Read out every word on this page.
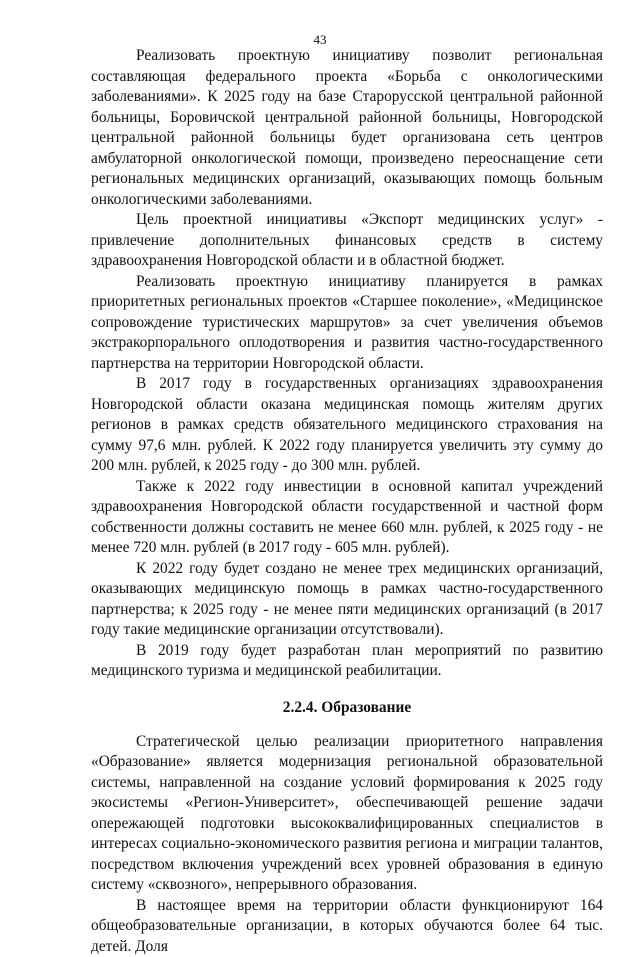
43

Реализовать проектную инициативу позволит региональная составляющая федерального проекта «Борьба с онкологическими заболеваниями». К 2025 году на базе Старорусской центральной районной больницы, Боровичской центральной районной больницы, Новгородской центральной районной больницы будет организована сеть центров амбулаторной онкологической помощи, произведено переоснащение сети региональных медицинских организаций, оказывающих помощь больным онкологическими заболеваниями.

Цель проектной инициативы «Экспорт медицинских услуг» - привлечение дополнительных финансовых средств в систему здравоохранения Новгородской области и в областной бюджет.

Реализовать проектную инициативу планируется в рамках приоритетных региональных проектов «Старшее поколение», «Медицинское сопровождение туристических маршрутов» за счет увеличения объемов экстракорпорального оплодотворения и развития частно-государственного партнерства на территории Новгородской области.

В 2017 году в государственных организациях здравоохранения Новгородской области оказана медицинская помощь жителям других регионов в рамках средств обязательного медицинского страхования на сумму 97,6 млн. рублей. К 2022 году планируется увеличить эту сумму до 200 млн. рублей, к 2025 году - до 300 млн. рублей.

Также к 2022 году инвестиции в основной капитал учреждений здравоохранения Новгородской области государственной и частной форм собственности должны составить не менее 660 млн. рублей, к 2025 году - не менее 720 млн. рублей (в 2017 году - 605 млн. рублей).

К 2022 году будет создано не менее трех медицинских организаций, оказывающих медицинскую помощь в рамках частно-государственного партнерства; к 2025 году - не менее пяти медицинских организаций (в 2017 году такие медицинские организации отсутствовали).

В 2019 году будет разработан план мероприятий по развитию медицинского туризма и медицинской реабилитации.

2.2.4. Образование

Стратегической целью реализации приоритетного направления «Образование» является модернизация региональной образовательной системы, направленной на создание условий формирования к 2025 году экосистемы «Регион-Университет», обеспечивающей решение задачи опережающей подготовки высококвалифицированных специалистов в интересах социально-экономического развития региона и миграции талантов, посредством включения учреждений всех уровней образования в единую систему «сквозного», непрерывного образования.

В настоящее время на территории области функционируют 164 общеобразовательные организации, в которых обучаются более 64 тыс. детей. Доля
